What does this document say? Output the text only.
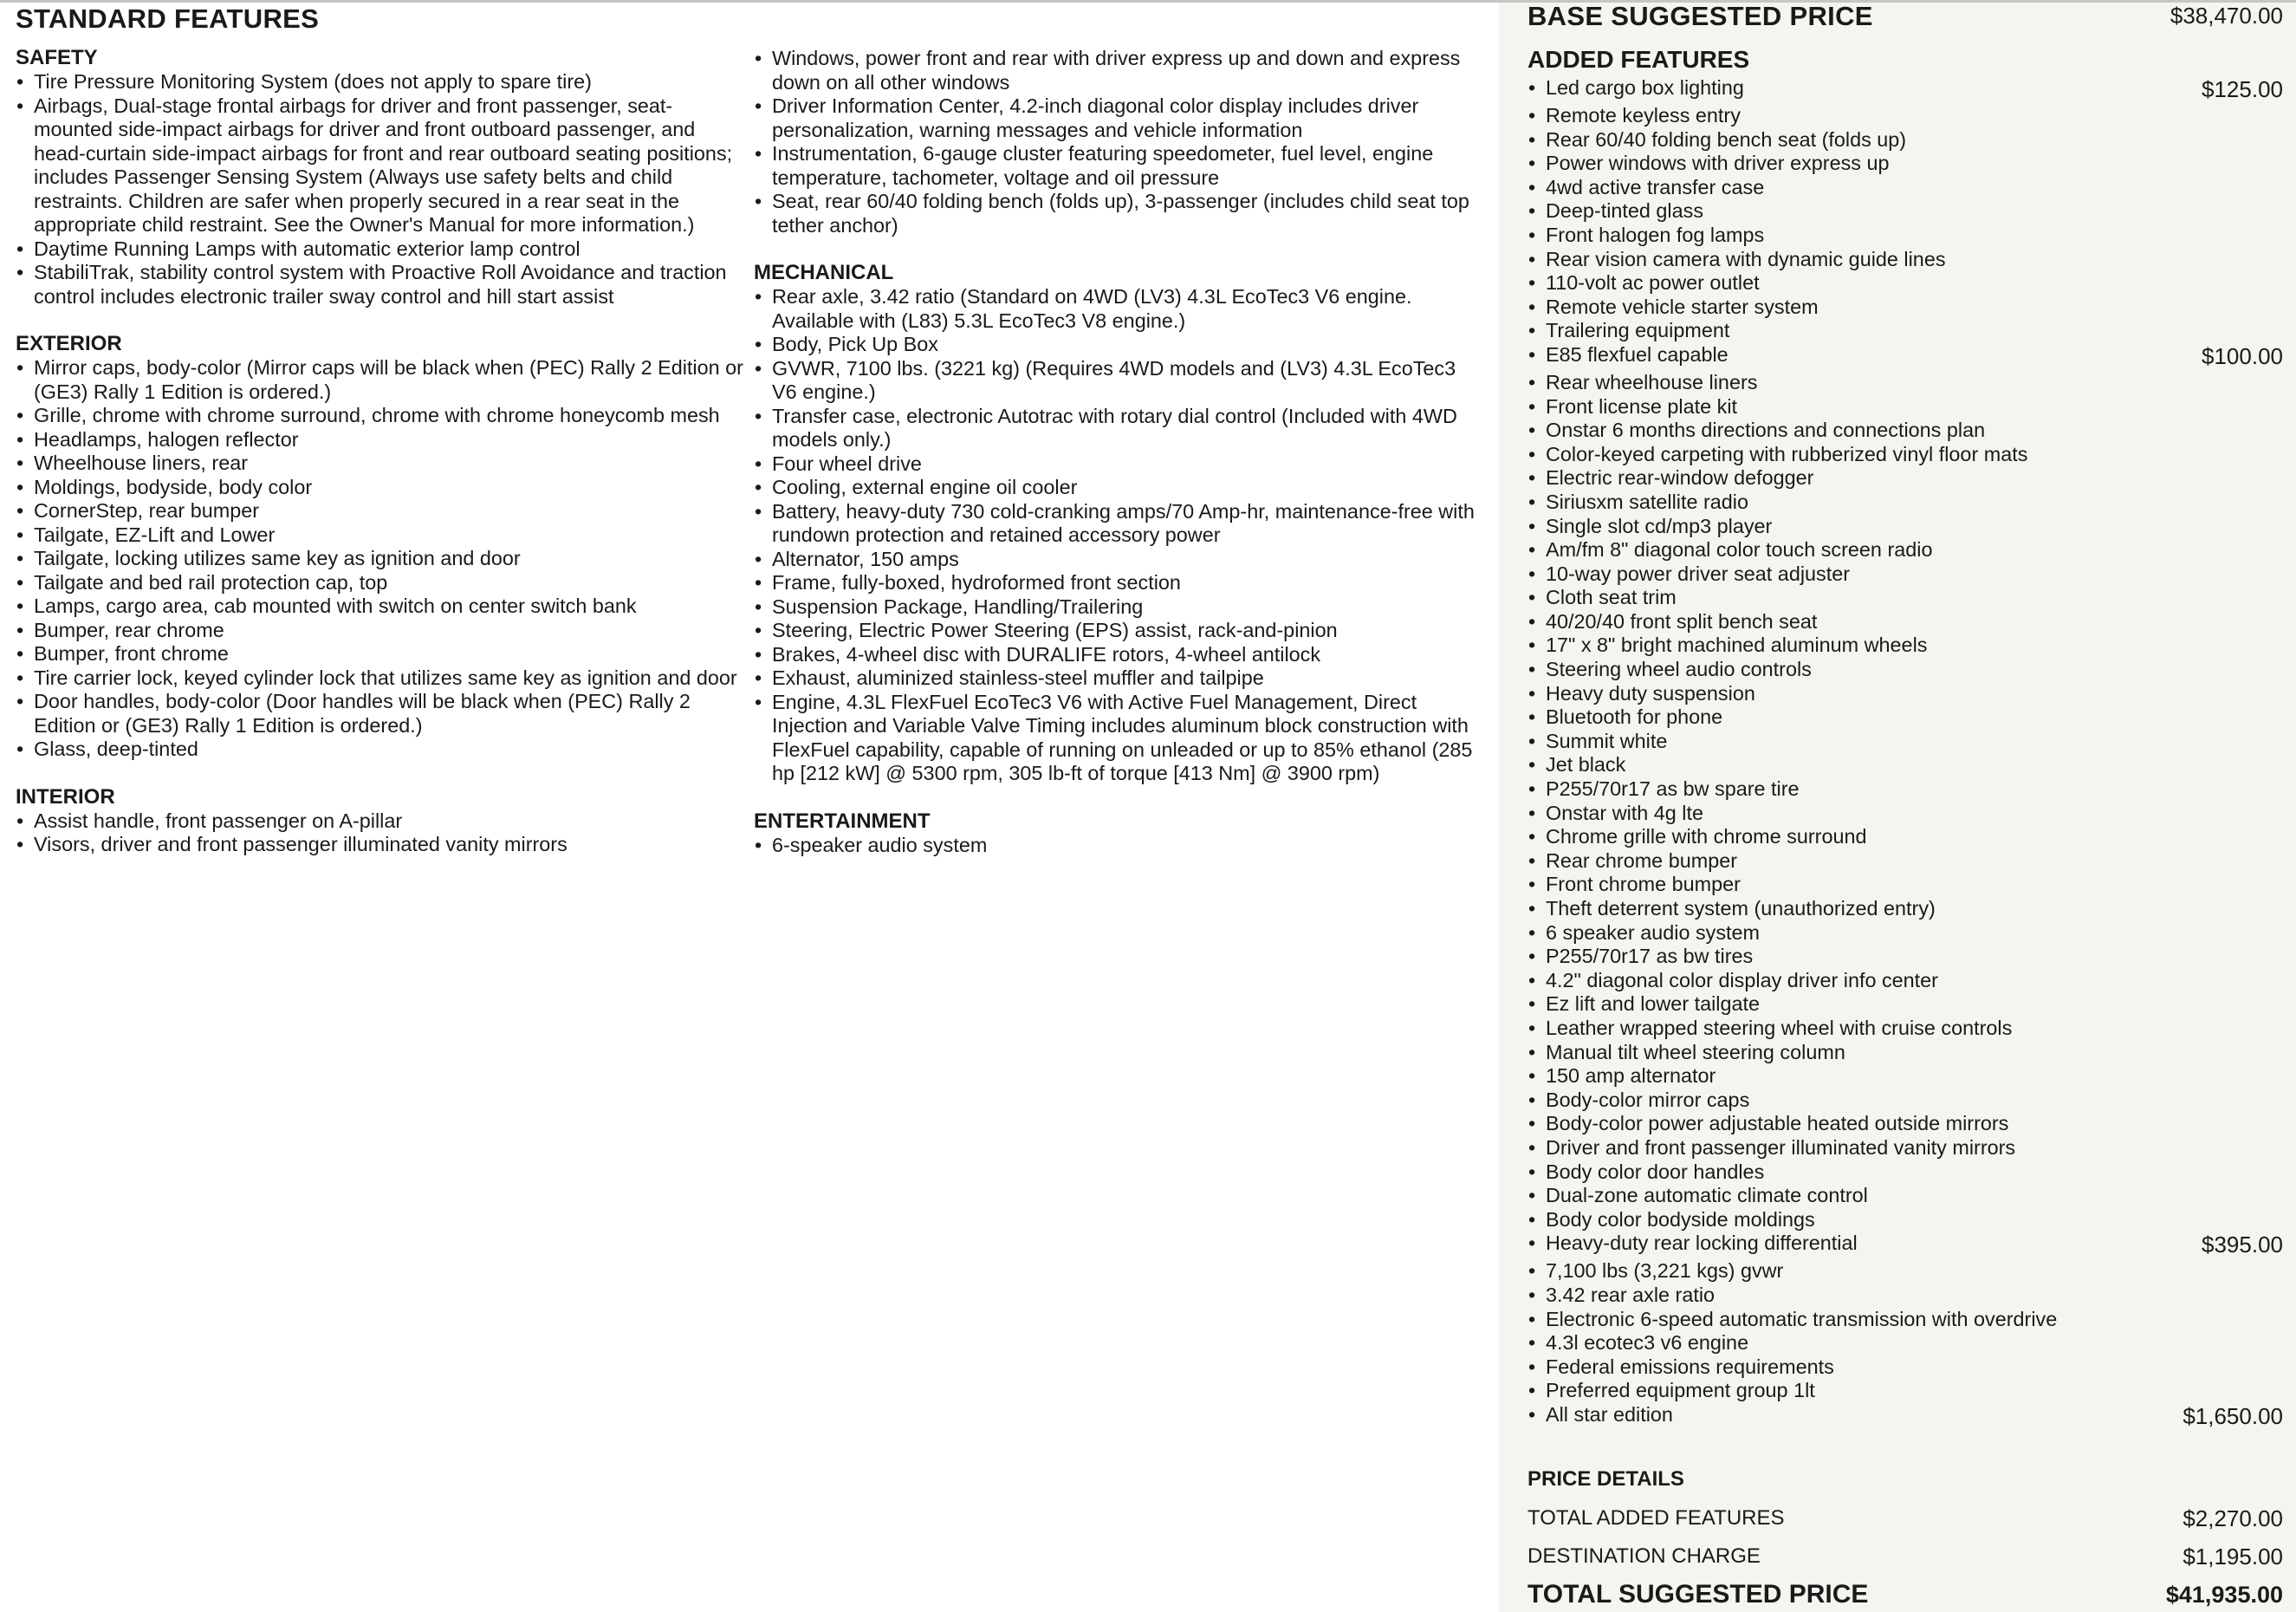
STANDARD FEATURES
SAFETY
• Tire Pressure Monitoring System (does not apply to spare tire)
• Airbags, Dual-stage frontal airbags for driver and front passenger, seat-mounted side-impact airbags for driver and front outboard passenger, and head-curtain side-impact airbags for front and rear outboard seating positions; includes Passenger Sensing System (Always use safety belts and child restraints. Children are safer when properly secured in a rear seat in the appropriate child restraint. See the Owner's Manual for more information.)
• Daytime Running Lamps with automatic exterior lamp control
• StabiliTrak, stability control system with Proactive Roll Avoidance and traction control includes electronic trailer sway control and hill start assist
EXTERIOR
• Mirror caps, body-color (Mirror caps will be black when (PEC) Rally 2 Edition or (GE3) Rally 1 Edition is ordered.)
• Grille, chrome with chrome surround, chrome with chrome honeycomb mesh
• Headlamps, halogen reflector
• Wheelhouse liners, rear
• Moldings, bodyside, body color
• CornerStep, rear bumper
• Tailgate, EZ-Lift and Lower
• Tailgate, locking utilizes same key as ignition and door
• Tailgate and bed rail protection cap, top
• Lamps, cargo area, cab mounted with switch on center switch bank
• Bumper, rear chrome
• Bumper, front chrome
• Tire carrier lock, keyed cylinder lock that utilizes same key as ignition and door
• Door handles, body-color (Door handles will be black when (PEC) Rally 2 Edition or (GE3) Rally 1 Edition is ordered.)
• Glass, deep-tinted
INTERIOR
• Assist handle, front passenger on A-pillar
• Visors, driver and front passenger illuminated vanity mirrors
• Windows, power front and rear with driver express up and down and express down on all other windows
• Driver Information Center, 4.2-inch diagonal color display includes driver personalization, warning messages and vehicle information
• Instrumentation, 6-gauge cluster featuring speedometer, fuel level, engine temperature, tachometer, voltage and oil pressure
• Seat, rear 60/40 folding bench (folds up), 3-passenger (includes child seat top tether anchor)
MECHANICAL
• Rear axle, 3.42 ratio (Standard on 4WD (LV3) 4.3L EcoTec3 V6 engine. Available with (L83) 5.3L EcoTec3 V8 engine.)
• Body, Pick Up Box
• GVWR, 7100 lbs. (3221 kg) (Requires 4WD models and (LV3) 4.3L EcoTec3 V6 engine.)
• Transfer case, electronic Autotrac with rotary dial control (Included with 4WD models only.)
• Four wheel drive
• Cooling, external engine oil cooler
• Battery, heavy-duty 730 cold-cranking amps/70 Amp-hr, maintenance-free with rundown protection and retained accessory power
• Alternator, 150 amps
• Frame, fully-boxed, hydroformed front section
• Suspension Package, Handling/Trailering
• Steering, Electric Power Steering (EPS) assist, rack-and-pinion
• Brakes, 4-wheel disc with DURALIFE rotors, 4-wheel antilock
• Exhaust, aluminized stainless-steel muffler and tailpipe
• Engine, 4.3L FlexFuel EcoTec3 V6 with Active Fuel Management, Direct Injection and Variable Valve Timing includes aluminum block construction with FlexFuel capability, capable of running on unleaded or up to 85% ethanol (285 hp [212 kW] @ 5300 rpm, 305 lb-ft of torque [413 Nm] @ 3900 rpm)
ENTERTAINMENT
• 6-speaker audio system
BASE SUGGESTED PRICE	$38,470.00
ADDED FEATURES
• Led cargo box lighting	$125.00
• Remote keyless entry
• Rear 60/40 folding bench seat (folds up)
• Power windows with driver express up
• 4wd active transfer case
• Deep-tinted glass
• Front halogen fog lamps
• Rear vision camera with dynamic guide lines
• 110-volt ac power outlet
• Remote vehicle starter system
• Trailering equipment
• E85 flexfuel capable	$100.00
• Rear wheelhouse liners
• Front license plate kit
• Onstar 6 months directions and connections plan
• Color-keyed carpeting with rubberized vinyl floor mats
• Electric rear-window defogger
• Siriusxm satellite radio
• Single slot cd/mp3 player
• Am/fm 8" diagonal color touch screen radio
• 10-way power driver seat adjuster
• Cloth seat trim
• 40/20/40 front split bench seat
• 17" x 8" bright machined aluminum wheels
• Steering wheel audio controls
• Heavy duty suspension
• Bluetooth for phone
• Summit white
• Jet black
• P255/70r17 as bw spare tire
• Onstar with 4g lte
• Chrome grille with chrome surround
• Rear chrome bumper
• Front chrome bumper
• Theft deterrent system (unauthorized entry)
• 6 speaker audio system
• P255/70r17 as bw tires
• 4.2" diagonal color display driver info center
• Ez lift and lower tailgate
• Leather wrapped steering wheel with cruise controls
• Manual tilt wheel steering column
• 150 amp alternator
• Body-color mirror caps
• Body-color power adjustable heated outside mirrors
• Driver and front passenger illuminated vanity mirrors
• Body color door handles
• Dual-zone automatic climate control
• Body color bodyside moldings
• Heavy-duty rear locking differential	$395.00
• 7,100 lbs (3,221 kgs) gvwr
• 3.42 rear axle ratio
• Electronic 6-speed automatic transmission with overdrive
• 4.3l ecotec3 v6 engine
• Federal emissions requirements
• Preferred equipment group 1lt
• All star edition	$1,650.00
PRICE DETAILS
TOTAL ADDED FEATURES	$2,270.00
DESTINATION CHARGE	$1,195.00
TOTAL SUGGESTED PRICE	$41,935.00
